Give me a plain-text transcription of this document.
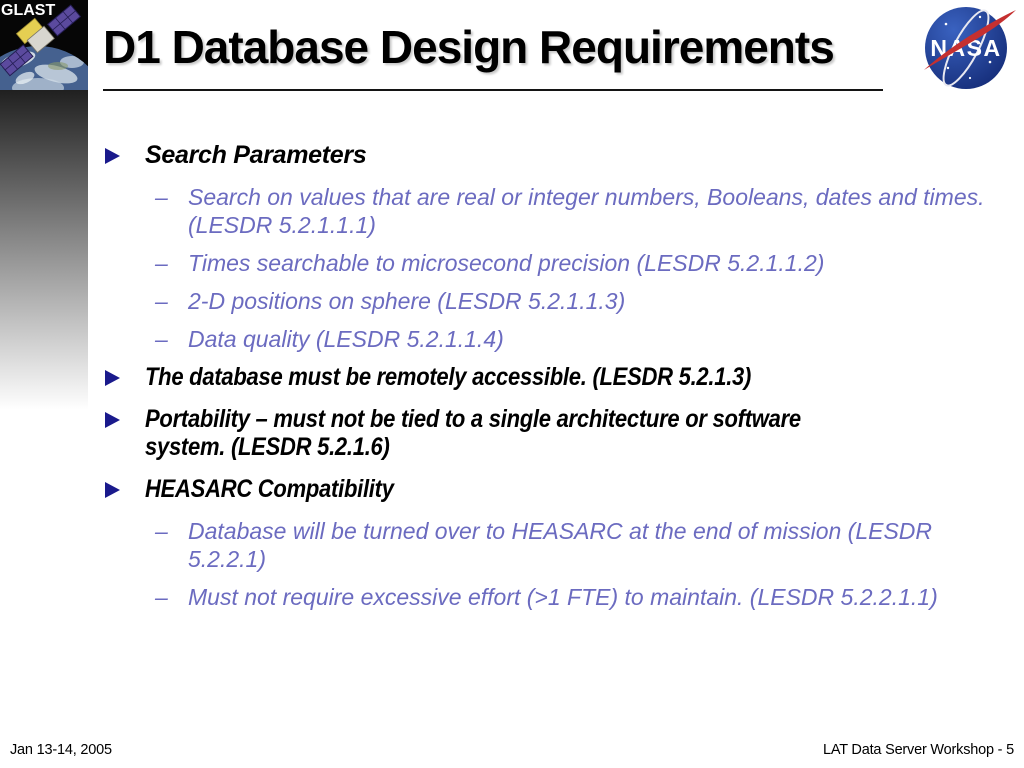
GLAST
D1 Database Design Requirements	NASA
Search Parameters
– Search on values that are real or integer numbers, Booleans, dates and times.
(LESDR 5.2.1.1.1)
– Times searchable to microsecond precision (LESDR 5.2.1.1.2)
– 2-D positions on sphere (LESDR 5.2.1.1.3)
– Data quality (LESDR 5.2.1.1.4)
The database must be remotely accessible. (LESDR 5.2.1.3)
Portability – must not be tied to a single architecture or software
system. (LESDR 5.2.1.6)
HEASARC Compatibility
– Database will be turned over to HEASARC at the end of mission (LESDR
5.2.2.1)
– Must not require excessive effort (>1 FTE) to maintain. (LESDR 5.2.2.1.1)
Jan 13-14, 2005	LAT Data Server Workshop - 5
